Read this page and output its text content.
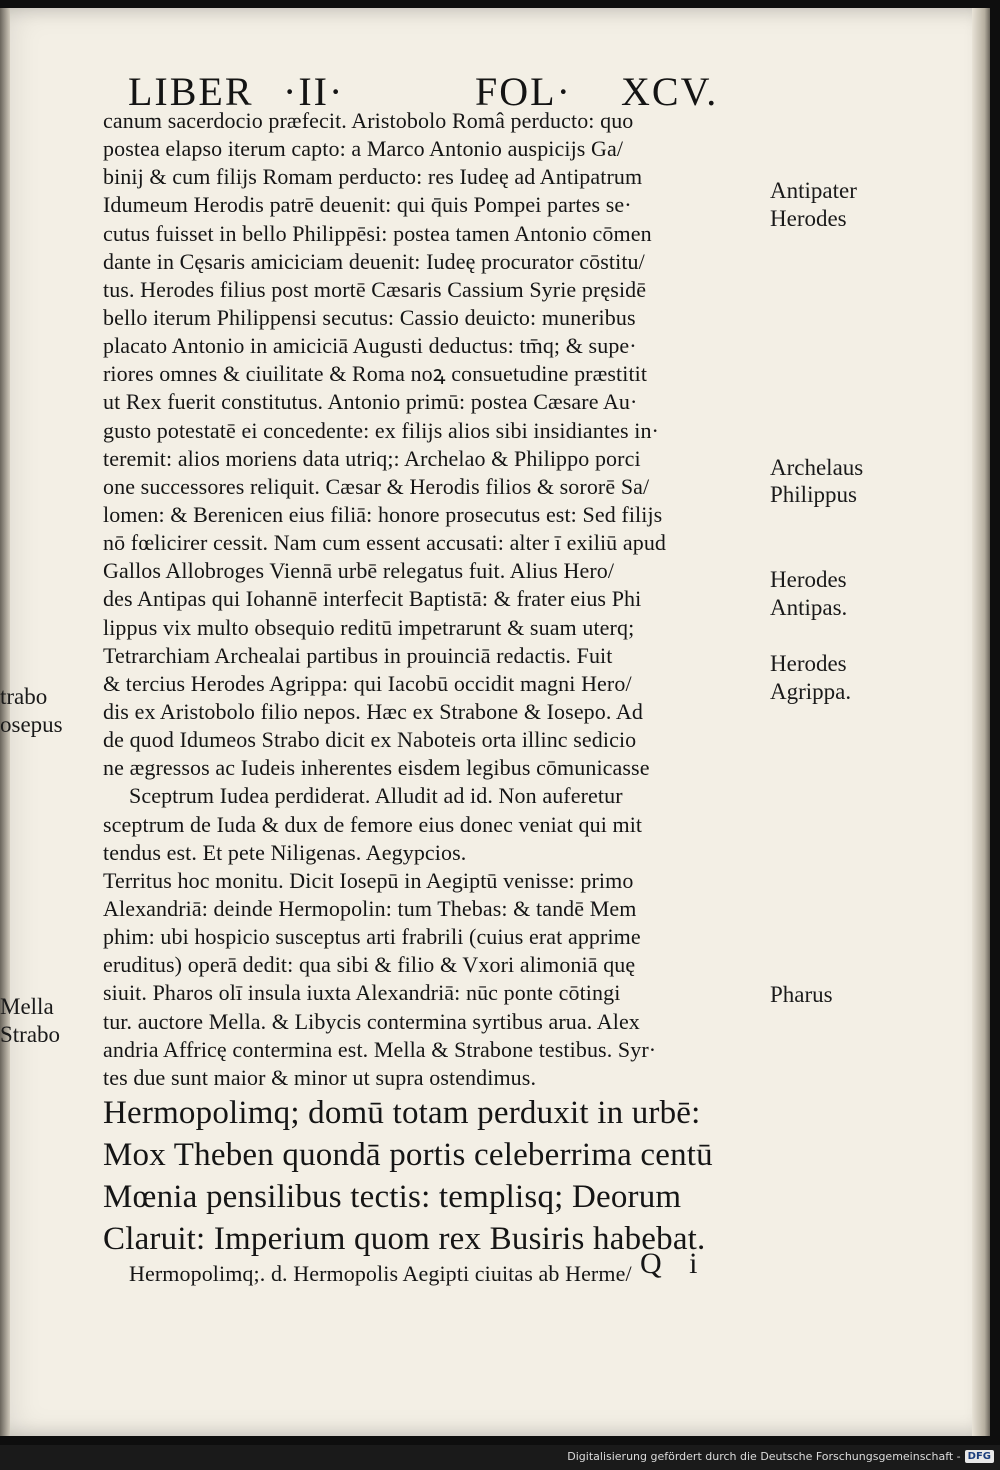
LIBER ·II·	FOL· XCV.
canum sacerdocio præfecit. Aristobolo Româ perducto: quo
postea elapso iterum capto: a Marco Antonio auspicijs Ga/
binij & cum filijs Romam perducto: res Iudeę ad Antipatrum
Idumeum Herodis patrē deuenit: qui q̄uis Pompei partes se·
cutus fuisset in bello Philippēsi: postea tamen Antonio cōmen
dante in Cęsaris amiciciam deuenit: Iudeę procurator cōstitu/
tus. Herodes filius post mortē Cæsaris Cassium Syrie pręsidē
bello iterum Philippensi secutus: Cassio deuicto: muneribus
placato Antonio in amiciciā Augusti deductus: tm̄q; & supe·
riores omnes & ciuilitate & Roma noꝝ consuetudine præstitit
ut Rex fuerit constitutus. Antonio primū: postea Cæsare Au·
gusto potestatē ei concedente: ex filijs alios sibi insidiantes in·
teremit: alios moriens data utriq;: Archelao & Philippo porci
one successores reliquit. Cæsar & Herodis filios & sororē Sa/
lomen: & Berenicen eius filiā: honore prosecutus est: Sed filijs
nō fœlicirer cessit. Nam cum essent accusati: alter ī exiliū apud
Gallos Allobroges Viennā urbē relegatus fuit. Alius Hero/
des Antipas qui Iohannē interfecit Baptistā: & frater eius Phi
lippus vix multo obsequio reditū impetrarunt & suam uterq;
Tetrarchiam Archealai partibus in prouinciā redactis. Fuit
& tercius Herodes Agrippa: qui Iacobū occidit magni Hero/
dis ex Aristobolo filio nepos. Hæc ex Strabone & Iosepo. Ad
de quod Idumeos Strabo dicit ex Naboteis orta illinc sedicio
ne ægressos ac Iudeis inherentes eisdem legibus cōmunicasse
Sceptrum Iudea perdiderat. Alludit ad id. Non auferetur
sceptrum de Iuda & dux de femore eius donec veniat qui mit
tendus est. Et pete Niligenas. Aegypcios.
Territus hoc monitu. Dicit Iosepū in Aegiptū venisse: primo
Alexandriā: deinde Hermopolin: tum Thebas: & tandē Mem
phim: ubi hospicio susceptus arti frabrili (cuius erat apprime
eruditus) operā dedit: qua sibi & filio & Vxori alimoniā quę
siuit. Pharos olī insula iuxta Alexandriā: nūc ponte cōtingi
tur. auctore Mella. & Libycis contermina syrtibus arua. Alex
andria Affricę contermina est. Mella & Strabone testibus. Syr·
tes due sunt maior & minor ut supra ostendimus.
Hermopolimq; domū totam perduxit in urbē:
Mox Theben quondā portis celeberrima centū
Mœnia pensilibus tectis: templisq; Deorum
Claruit: Imperium quom rex Busiris habebat.
Hermopolimq;. d. Hermopolis Aegipti ciuitas ab Herme/ Q i
Antipater
Herodes
Archelaus
Philippus
Herodes
Antipas.
Herodes
Agrippa.
Pharus
trabo
osepus
Mella
Strabo
Digitalisierung gefördert durch die Deutsche Forschungsgemeinschaft - DFG
